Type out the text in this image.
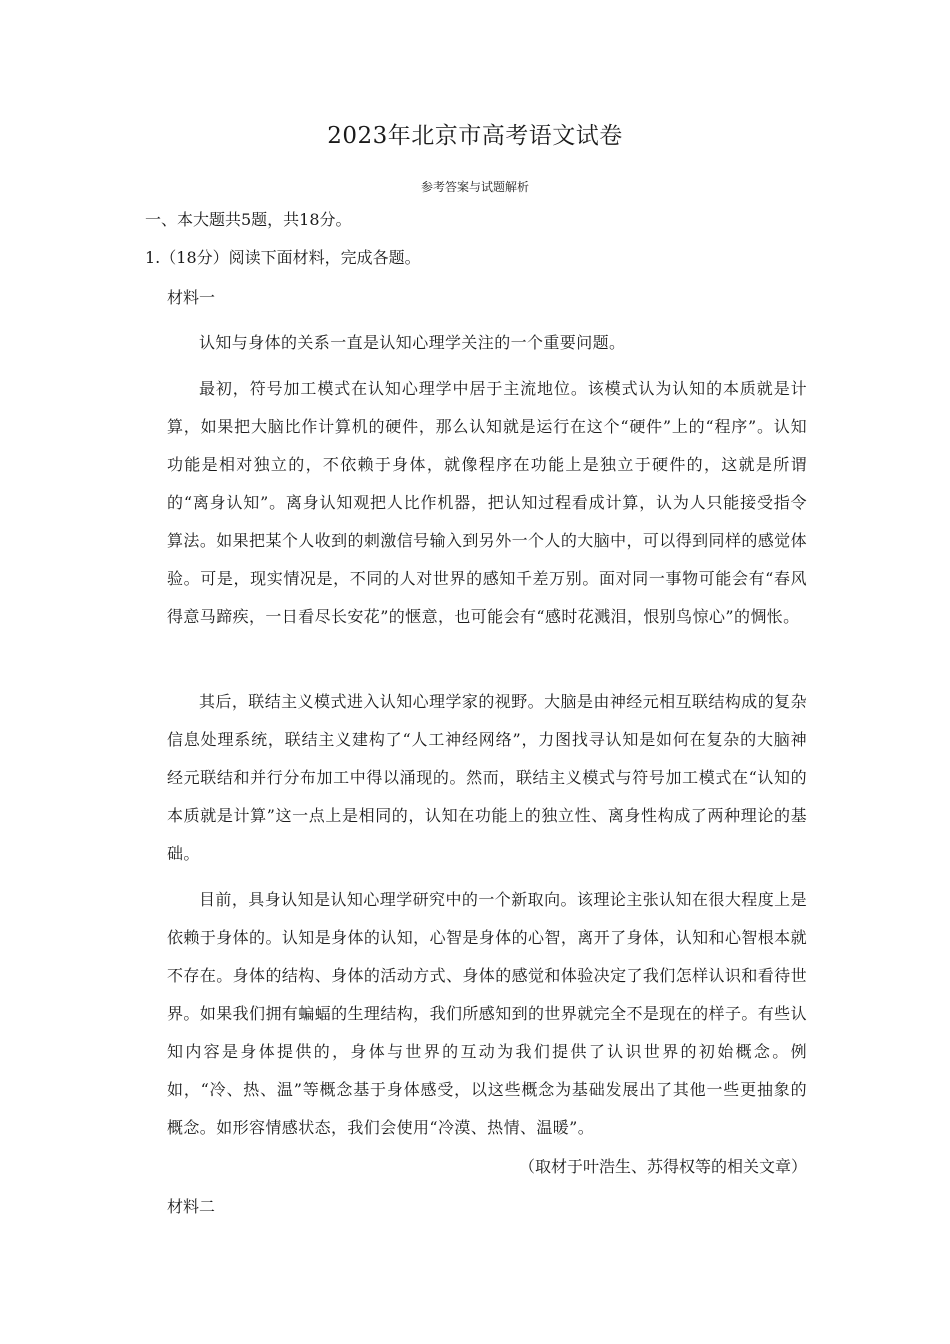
2023年北京市高考语文试卷
参考答案与试题解析
一、本大题共5题，共18分。
1.（18分）阅读下面材料，完成各题。
材料一

认知与身体的关系一直是认知心理学关注的一个重要问题。

最初，符号加工模式在认知心理学中居于主流地位。该模式认为认知的本质就是计算，如果把大脑比作计算机的硬件，那么认知就是运行在这个“硬件”上的“程序”。认知功能是相对独立的，不依赖于身体，就像程序在功能上是独立于硬件的，这就是所谓的“离身认知”。离身认知观把人比作机器，把认知过程看成计算，认为人只能接受指令算法。如果把某个人收到的刺激信号输入到另外一个人的大脑中，可以得到同样的感觉体验。可是，现实情况是，不同的人对世界的感知千差万别。面对同一事物可能会有“春风得意马蹄疾，一日看尽长安花”的惬意，也可能会有“感时花溅泪，恨别鸟惊心”的惆怅。

其后，联结主义模式进入认知心理学家的视野。大脑是由神经元相互联结构成的复杂信息处理系统，联结主义建构了“人工神经网络”，力图找寻认知是如何在复杂的大脑神经元联结和并行分布加工中得以涌现的。然而，联结主义模式与符号加工模式在“认知的本质就是计算”这一点上是相同的，认知在功能上的独立性、离身性构成了两种理论的基础。

目前，具身认知是认知心理学研究中的一个新取向。该理论主张认知在很大程度上是依赖于身体的。认知是身体的认知，心智是身体的心智，离开了身体，认知和心智根本就不存在。身体的结构、身体的活动方式、身体的感觉和体验决定了我们怎样认识和看待世界。如果我们拥有蝙蝠的生理结构，我们所感知到的世界就完全不是现在的样子。有些认知内容是身体提供的，身体与世界的互动为我们提供了认识世界的初始概念。例如，“冷、热、温”等概念基于身体感受，以这些概念为基础发展出了其他一些更抽象的概念。如形容情感状态，我们会使用“冷漠、热情、温暖”。

（取材于叶浩生、苏得权等的相关文章）
材料二
